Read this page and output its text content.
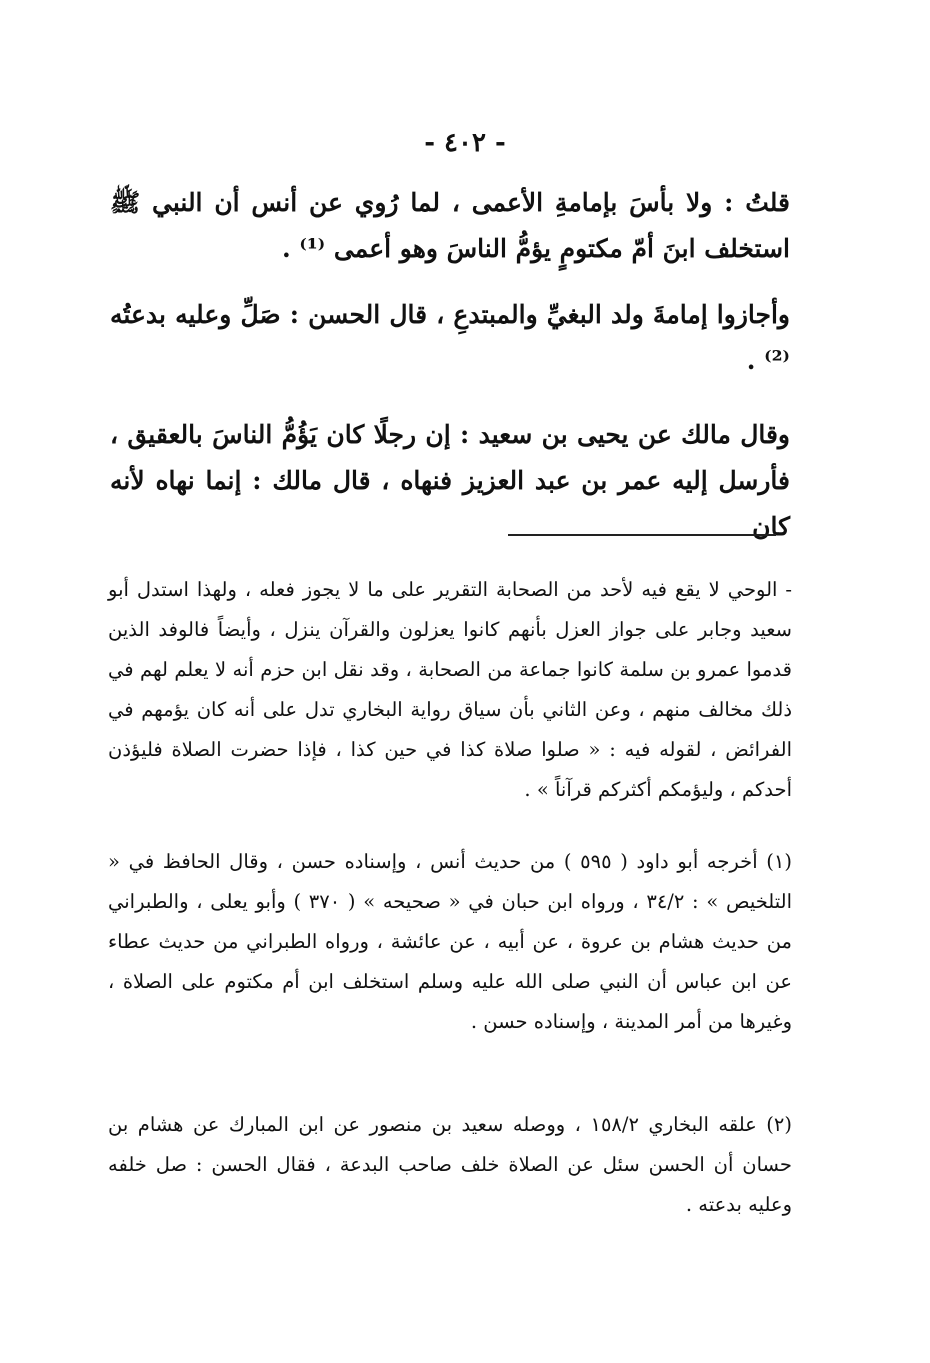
- ٤٠٢ -

قلتُ : ولا بأسَ بإمامةِ الأعمى ، لما رُوي عن أنس أن النبي ﷺ استخلف ابنَ أمّ مكتومٍ يؤمُّ الناسَ وهو أعمى ⁽¹⁾ .

وأجازوا إمامةَ ولد البغيِّ والمبتدعِ ، قال الحسن : صَلِّ وعليه بدعتُه ⁽²⁾ .

وقال مالك عن يحيى بن سعيد : إن رجلًا كان يَؤُمُّ الناسَ بالعقيق ، فأرسل إليه عمر بن عبد العزيز فنهاه ، قال مالك : إنما نهاه لأنه كان

- الوحي لا يقع فيه لأحد من الصحابة التقرير على ما لا يجوز فعله ، ولهذا استدل أبو سعيد وجابر على جواز العزل بأنهم كانوا يعزلون والقرآن ينزل ، وأيضاً فالوفد الذين قدموا عمرو بن سلمة كانوا جماعة من الصحابة ، وقد نقل ابن حزم أنه لا يعلم لهم في ذلك مخالف منهم ، وعن الثاني بأن سياق رواية البخاري تدل على أنه كان يؤمهم في الفرائض ، لقوله فيه : « صلوا صلاة كذا في حين كذا ، فإذا حضرت الصلاة فليؤذن أحدكم ، وليؤمكم أكثركم قرآناً » .

(١) أخرجه أبو داود ( ٥٩٥ ) من حديث أنس ، وإسناده حسن ، وقال الحافظ في « التلخيص » : ٣٤/٢ ، ورواه ابن حبان في « صحيحه » ( ٣٧٠ ) وأبو يعلى ، والطبراني من حديث هشام بن عروة ، عن أبيه ، عن عائشة ، ورواه الطبراني من حديث عطاء عن ابن عباس أن النبي صلى الله عليه وسلم استخلف ابن أم مكتوم على الصلاة ، وغيرها من أمر المدينة ، وإسناده حسن .

(٢) علقه البخاري ١٥٨/٢ ، ووصله سعيد بن منصور عن ابن المبارك عن هشام بن حسان أن الحسن سئل عن الصلاة خلف صاحب البدعة ، فقال الحسن : صل خلفه وعليه بدعته .
